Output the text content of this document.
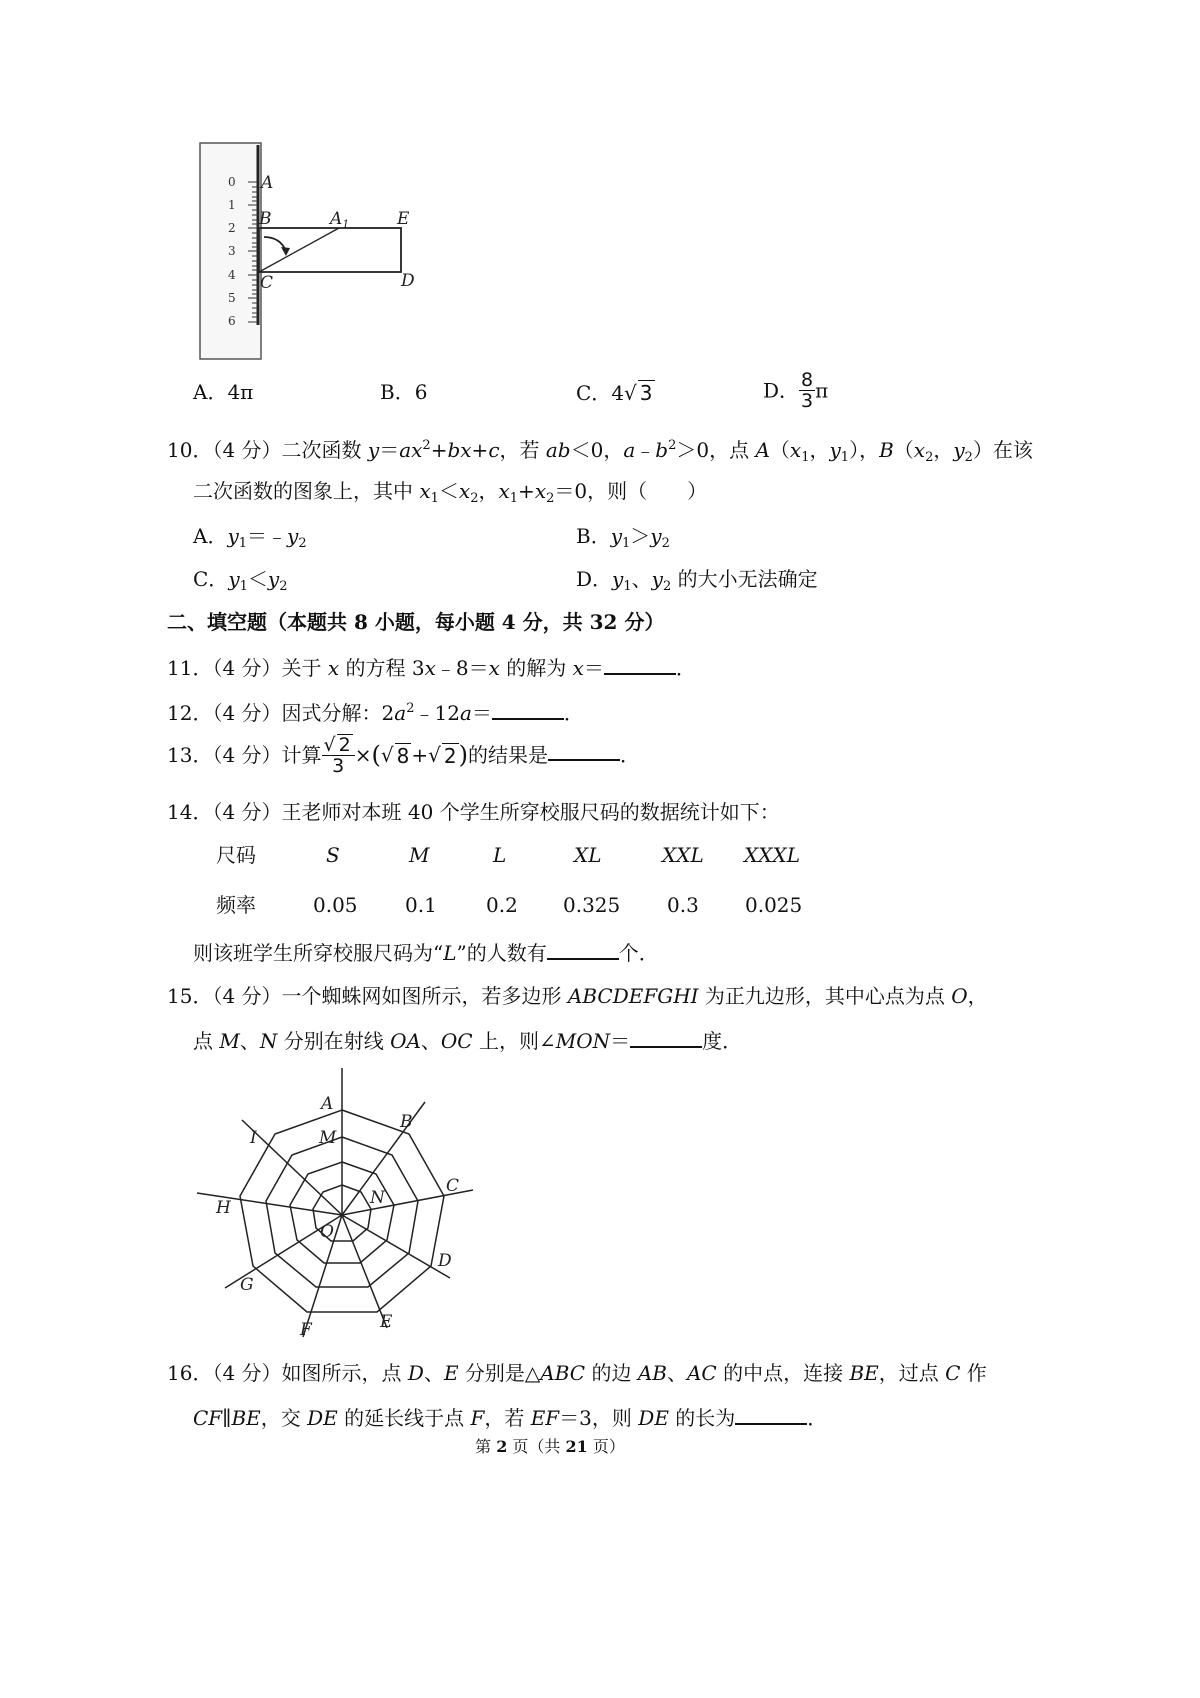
0
1
2
3
4
5
6
A
B	$A_1$	E
C	D
A．4π	B．6	C．4√ 3	D． $\frac{8}{3}$ π
10．（4 分）二次函数 $y=ax^2+bx+c$，若 ab＜0，$a﹣b^2>0$，点 $A(x_1$，$y_1$），$B(x_2$，$y_2$）在该
二次函数的图象上，其中 $x_1<x_2$，$x_1+x_2=0$，则（　　）
A．$y_1=﹣y_2$	B．$y_1>y_2$
C．$y_1<y_2$	D．$y_1$、$y_2$ 的大小无法确定
二、填空题（本题共 8 小题，每小题 4 分，共 32 分）
11．（4 分）关于 x 的方程 3x﹣8＝x 的解为 x＝	．
12．（4 分）因式分解：$2a^2﹣12a=$	．
13．（4 分）计算 $\frac{√ 2}{3}$ ×(√ 8 +√ 2)的结果是	．
14．（4 分）王老师对本班 40 个学生所穿校服尺码的数据统计如下：
尺码	S	M	L	XL	XXL XXXL
频率	0.05 0.1 0.2 0.325 0.3 0.025
则该班学生所穿校服尺码为“L”的人数有	个．
15．（4 分）一个蜘蛛网如图所示，若多边形 ABCDEFGHI 为正九边形，其中心点为点 O，
点 M、N 分别在射线 OA、OC 上，则∠MON＝	度．
A
B
C
D
E
F
G
H
I	M
N
O
16．（4 分）如图所示，点 D、E 分别是△ABC 的边 AB、AC 的中点，连接 BE，过点 C 作
CF∥BE，交 DE 的延长线于点 F，若 EF＝3，则 DE 的长为	．
第 2 页（共 21 页）
